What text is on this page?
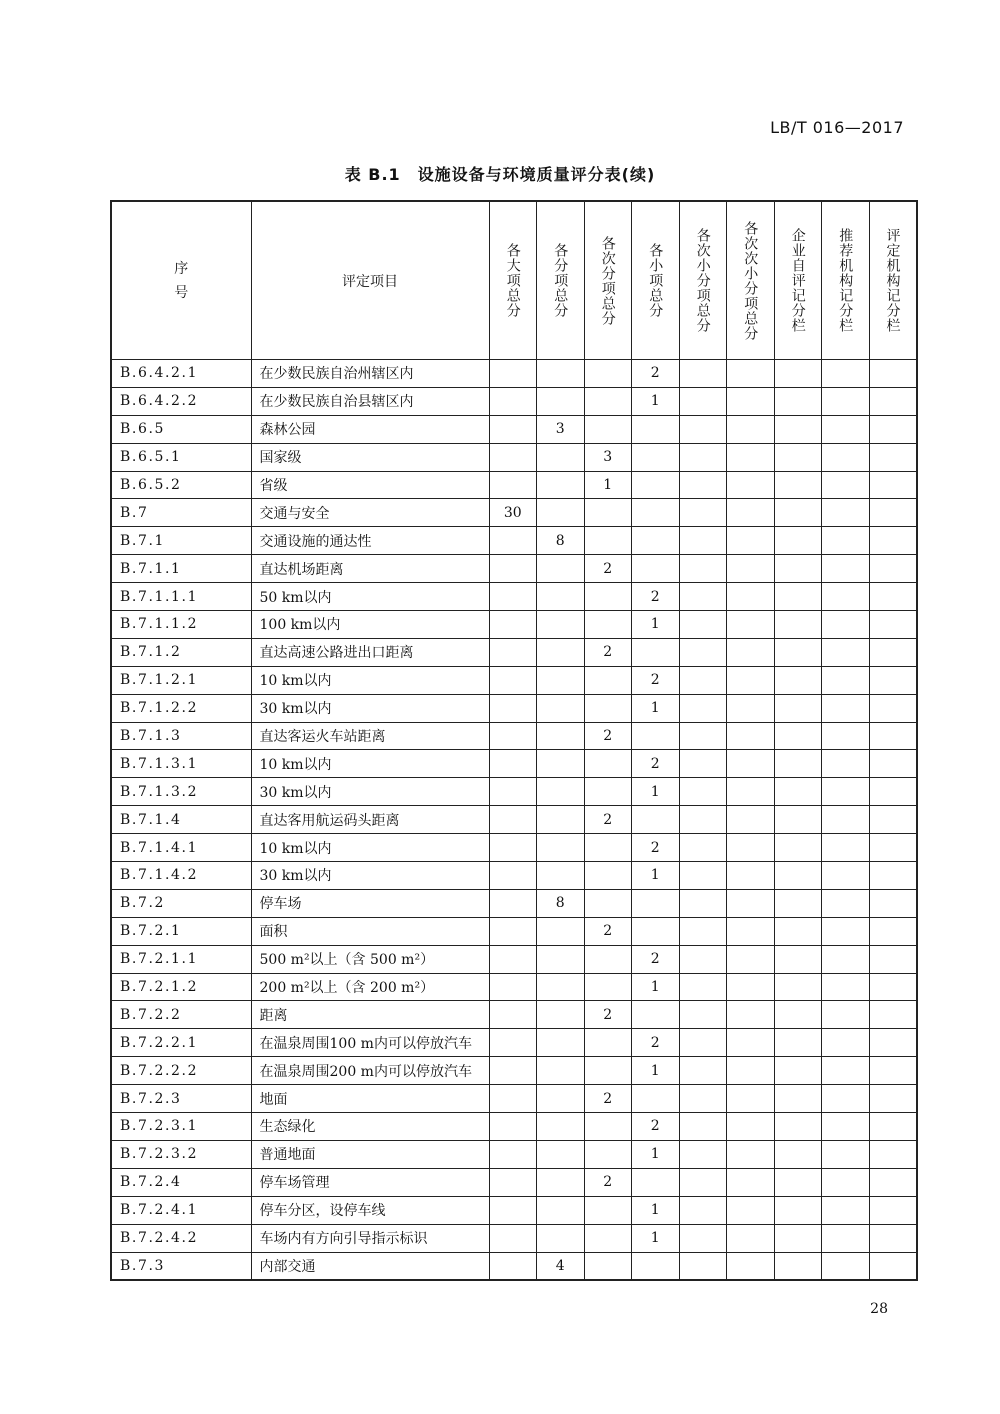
LB/T 016—2017
表 B.1　设施设备与环境质量评分表(续)
序
号	评定项目	各大项总分	各分项总分	各次分项总分	各小项总分	各次小分项总分	各次次小分项总分	企业自评记分栏	推荐机构记分栏	评定机构记分栏

B.6.4.2.1	在少数民族自治州辖区内				2					
B.6.4.2.2	在少数民族自治县辖区内				1					
B.6.5	森林公园		3							
B.6.5.1	国家级			3						
B.6.5.2	省级			1						
B.7	交通与安全	30								
B.7.1	交通设施的通达性		8							
B.7.1.1	直达机场距离			2						
B.7.1.1.1	50 km以内				2					
B.7.1.1.2	100 km以内				1					
B.7.1.2	直达高速公路进出口距离			2						
B.7.1.2.1	10 km以内				2					
B.7.1.2.2	30 km以内				1					
B.7.1.3	直达客运火车站距离			2						
B.7.1.3.1	10 km以内				2					
B.7.1.3.2	30 km以内				1					
B.7.1.4	直达客用航运码头距离			2						
B.7.1.4.1	10 km以内				2					
B.7.1.4.2	30 km以内				1					
B.7.2	停车场		8							
B.7.2.1	面积			2						
B.7.2.1.1	500 m²以上（含 500 m²）				2					
B.7.2.1.2	200 m²以上（含 200 m²）				1					
B.7.2.2	距离			2						
B.7.2.2.1	在温泉周围100 m内可以停放汽车				2					
B.7.2.2.2	在温泉周围200 m内可以停放汽车				1					
B.7.2.3	地面			2						
B.7.2.3.1	生态绿化				2					
B.7.2.3.2	普通地面				1					
B.7.2.4	停车场管理			2						
B.7.2.4.1	停车分区，设停车线				1					
B.7.2.4.2	车场内有方向引导指示标识				1					
B.7.3	内部交通		4							
28
